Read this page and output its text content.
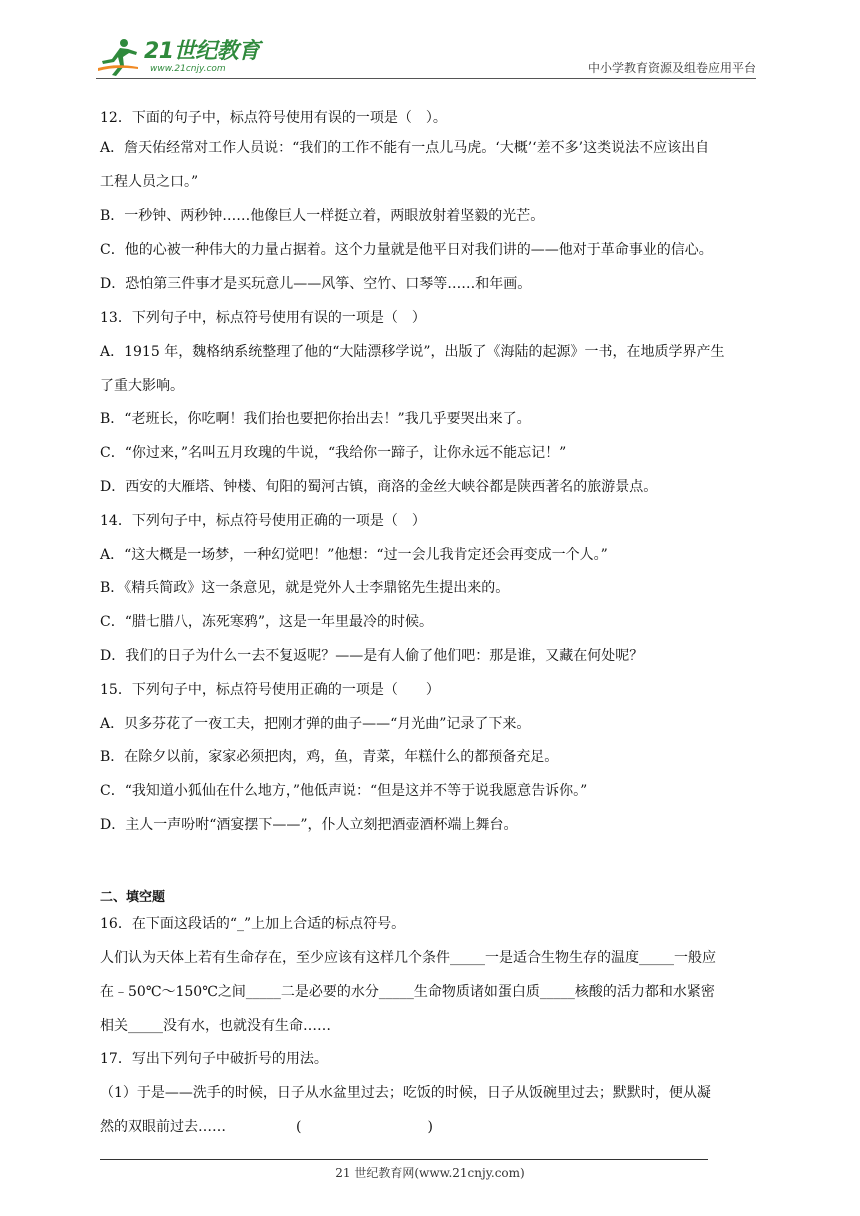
21世纪教育
www.21cnjy.com	中小学教育资源及组卷应用平台
12．下面的句子中，标点符号使用有误的一项是（　）。
A．詹天佑经常对工作人员说：“我们的工作不能有一点儿马虎。‘大概’‘差不多’这类说法不应该出自
工程人员之口。”
B．一秒钟、两秒钟……他像巨人一样挺立着，两眼放射着坚毅的光芒。
C．他的心被一种伟大的力量占据着。这个力量就是他平日对我们讲的——他对于革命事业的信心。
D．恐怕第三件事才是买玩意儿——风筝、空竹、口琴等……和年画。
13．下列句子中，标点符号使用有误的一项是（　）
A．1915 年，魏格纳系统整理了他的“大陆漂移学说”，出版了《海陆的起源》一书，在地质学界产生
了重大影响。
B．“老班长，你吃啊！我们抬也要把你抬出去！”我几乎要哭出来了。
C．“你过来，”名叫五月玫瑰的牛说，“我给你一蹄子，让你永远不能忘记！”
D．西安的大雁塔、钟楼、旬阳的蜀河古镇，商洛的金丝大峡谷都是陕西著名的旅游景点。
14．下列句子中，标点符号使用正确的一项是（　）
A．“这大概是一场梦，一种幻觉吧！”他想：“过一会儿我肯定还会再变成一个人。”
B．《精兵简政》这一条意见，就是党外人士李鼎铭先生提出来的。
C．“腊七腊八，冻死寒鸦”，这是一年里最冷的时候。
D．我们的日子为什么一去不复返呢？——是有人偷了他们吧：那是谁，又藏在何处呢？
15．下列句子中，标点符号使用正确的一项是（　　）
A．贝多芬花了一夜工夫，把刚才弹的曲子——“月光曲”记录了下来。
B．在除夕以前，家家必须把肉，鸡，鱼，青菜，年糕什么的都预备充足。
C．“我知道小狐仙在什么地方，”他低声说：“但是这并不等于说我愿意告诉你。”
D．主人一声吩咐“酒宴摆下——”，仆人立刻把酒壶酒杯端上舞台。
二、填空题
16．在下面这段话的“_”上加上合适的标点符号。
人们认为天体上若有生命存在，至少应该有这样几个条件_____一是适合生物生存的温度_____一般应
在﹣50℃～150℃之间_____二是必要的水分_____生命物质诸如蛋白质_____核酸的活力都和水紧密
相关_____没有水，也就没有生命……
17．写出下列句子中破折号的用法。
（1）于是——洗手的时候，日子从水盆里过去；吃饭的时候，日子从饭碗里过去；默默时，便从凝
然的双眼前过去……　　　　　(　　　　　　　　　)
21 世纪教育网(www.21cnjy.com)
